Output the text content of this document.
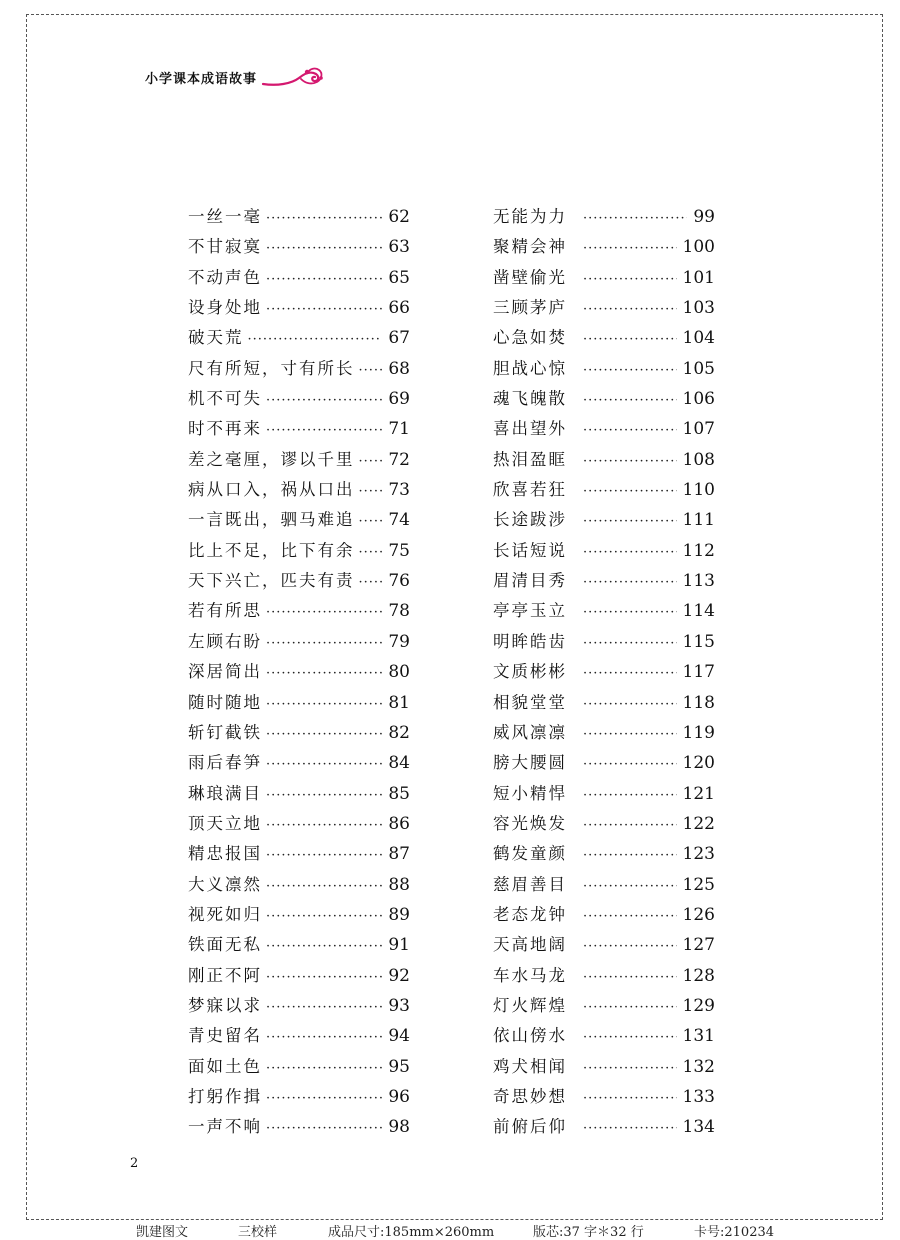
小学课本成语故事
一丝一毫 ·····	62
不甘寂寞 ·····	63
不动声色 ·····	65
设身处地 ·····	66
破天荒 ·····	67
尺有所短，寸有所长 ····· 68
机不可失 ·····	69
时不再来 ·····	71
差之毫厘，谬以千里 ····· 72
病从口入，祸从口出 ····· 73
一言既出，驷马难追 ····· 74
比上不足，比下有余 ····· 75
天下兴亡，匹夫有责 ····· 76
若有所思 ·····	78
左顾右盼 ·····	79
深居简出 ·····	80
随时随地 ·····	81
斩钉截铁 ·····	82
雨后春笋 ·····	84
琳琅满目 ·····	85
顶天立地 ·····	86
精忠报国 ·····	87
大义凛然 ·····	88
视死如归 ·····	89
铁面无私 ·····	91
刚正不阿 ·····	92
梦寐以求 ·····	93
青史留名 ·····	94
面如土色 ·····	95
打躬作揖 ·····	96
一声不响 ·····	98
无能为力 ·····	99
聚精会神 ·····	100
凿壁偷光 ·····	101
三顾茅庐 ·····	103
心急如焚 ·····	104
胆战心惊 ·····	105
魂飞魄散 ·····	106
喜出望外 ·····	107
热泪盈眶 ·····	108
欣喜若狂 ·····	110
长途跋涉 ·····	111
长话短说 ·····	112
眉清目秀 ·····	113
亭亭玉立 ·····	114
明眸皓齿 ·····	115
文质彬彬 ·····	117
相貌堂堂 ·····	118
威风凛凛 ·····	119
膀大腰圆 ·····	120
短小精悍 ·····	121
容光焕发 ·····	122
鹤发童颜 ·····	123
慈眉善目 ·····	125
老态龙钟 ·····	126
天高地阔 ·····	127
车水马龙 ·····	128
灯火辉煌 ·····	129
依山傍水 ·····	131
鸡犬相闻 ·····	132
奇思妙想 ·····	133
前俯后仰 ·····	134
2
凯建图文	三校样	成品尺寸:185mm×260mm	版芯:37 字＊32 行	卡号:210234
